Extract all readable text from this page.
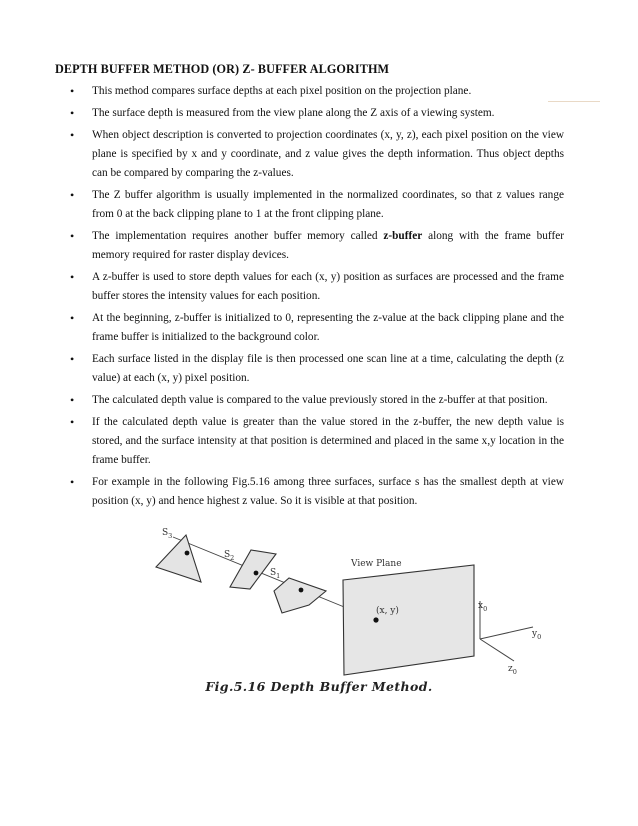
DEPTH BUFFER METHOD (OR) Z- BUFFER ALGORITHM
• This method compares surface depths at each pixel position on the projection plane.
• The surface depth is measured from the view plane along the Z axis of a viewing system.
• When object description is converted to projection coordinates (x, y, z), each pixel position on the view plane is specified by x and y coordinate, and z value gives the depth information. Thus object depths can be compared by comparing the z-values.
• The Z buffer algorithm is usually implemented in the normalized coordinates, so that z values range from 0 at the back clipping plane to 1 at the front clipping plane.
• The implementation requires another buffer memory called z-buffer along with the frame buffer memory required for raster display devices.
• A z-buffer is used to store depth values for each (x, y) position as surfaces are processed and the frame buffer stores the intensity values for each position.
• At the beginning, z-buffer is initialized to 0, representing the z-value at the back clipping plane and the frame buffer is initialized to the background color.
• Each surface listed in the display file is then processed one scan line at a time, calculating the depth (z value) at each (x, y) pixel position.
• The calculated depth value is compared to the value previously stored in the z-buffer at that position.
• If the calculated depth value is greater than the value stored in the z-buffer, the new depth value is stored, and the surface intensity at that position is determined and placed in the same x,y location in the frame buffer.
• For example in the following Fig.5.16 among three surfaces, surface s has the smallest depth at view position (x, y) and hence highest z value. So it is visible at that position.
$S_3$
$S_2$
$S_1$
View Plane
(x, y)	$x_0$
$y_0$
$z_0$
Fig.5.16 Depth Buffer Method.
